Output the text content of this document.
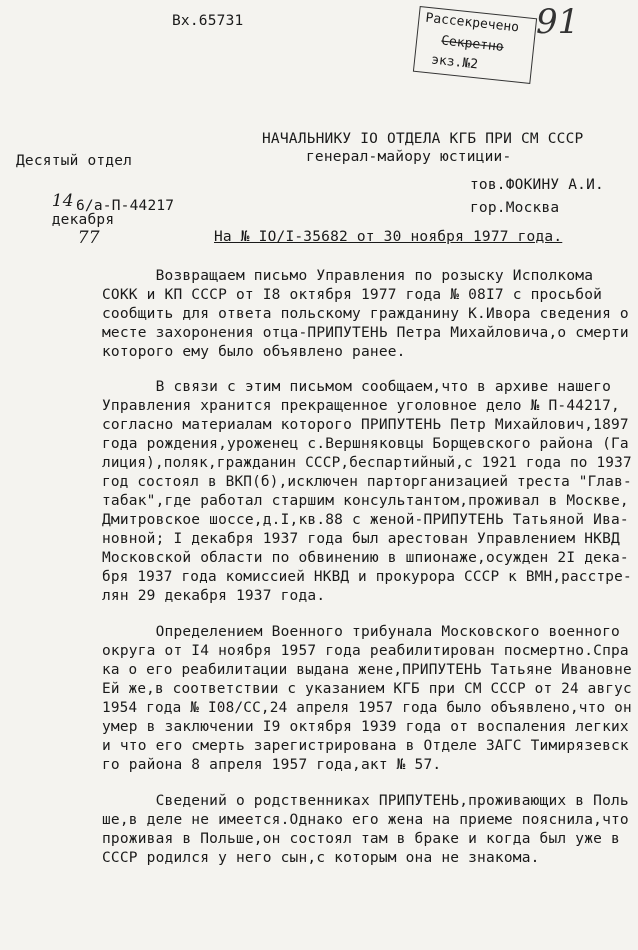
Вх.65731	Рассекречено
Секретно
экз.№2
91
НАЧАЛЬНИКУ IO ОТДЕЛА КГБ ПРИ СМ СССР
генерал-майору юстиции-
тов.ФОКИНУ А.И.
гор.Москва
Десятый отдел

14
декабря
77

6/а-П-44217
На № IO/I-35682 от 30 ноября 1977 года.
Возвращаем письмо Управления по розыску Исполкома
СОКК и КП СССР от I8 октября 1977 года № 08I7 с просьбой
сообщить для ответа польскому гражданину К.Ивора сведения о
месте захоронения отца-ПРИПУТЕНЬ Петра Михайловича,о смерти
которого ему было объявлено ранее.
В связи с этим письмом сообщаем,что в архиве нашего
Управления хранится прекращенное уголовное дело № П-44217,
согласно материалам которого ПРИПУТЕНЬ Петр Михайлович,1897
года рождения,уроженец с.Вершняковцы Борщевского района (Га
лиция),поляк,гражданин СССР,беспартийный,с 1921 года по 1937
год состоял в ВКП(б),исключен парторганизацией треста "Глав-
табак",где работал старшим консультантом,проживал в Москве,
Дмитровское шоссе,д.I,кв.88 с женой-ПРИПУТЕНЬ Татьяной Ива-
новной; I декабря 1937 года был арестован Управлением НКВД
Московской области по обвинению в шпионаже,осужден 2I дека-
бря 1937 года комиссией НКВД и прокурора СССР к ВМН,расстре-
лян 29 декабря 1937 года.
Определением Военного трибунала Московского военного
округа от I4 ноября 1957 года реабилитирован посмертно.Спра
ка о его реабилитации выдана жене,ПРИПУТЕНЬ Татьяне Ивановне
Ей же,в соответствии с указанием КГБ при СМ СССР от 24 авгус
1954 года № I08/СС,24 апреля 1957 года было объявлено,что он
умер в заключении I9 октября 1939 года от воспаления легких
и что его смерть зарегистрирована в Отделе ЗАГС Тимирязевск
го района 8 апреля 1957 года,акт № 57.
Сведений о родственниках ПРИПУТЕНЬ,проживающих в Поль
ше,в деле не имеется.Однако его жена на приеме пояснила,что
проживая в Польше,он состоял там в браке и когда был уже в
СССР родился у него сын,с которым она не знакома.
